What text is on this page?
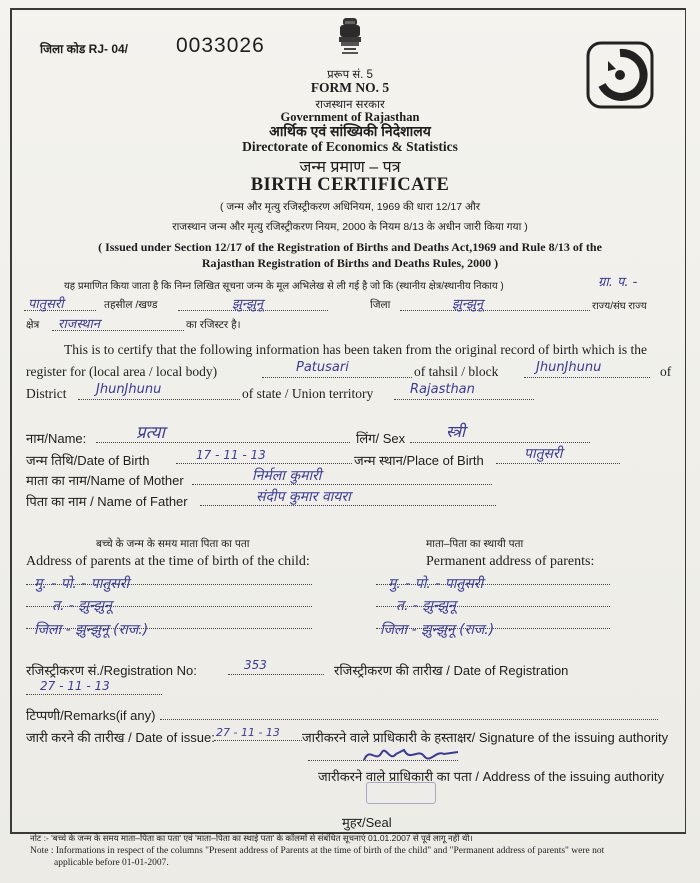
जिला कोड RJ- 04/ 0033026
प्ररूप सं. 5
FORM NO. 5
राजस्थान सरकार
Government of Rajasthan
आर्थिक एवं सांख्यिकी निदेशालय
Directorate of Economics & Statistics
जन्म प्रमाण – पत्र
BIRTH CERTIFICATE
( जन्म और मृत्यु रजिस्ट्रीकरण अधिनियम, 1969 की धारा 12/17 और
राजस्थान जन्म और मृत्यु रजिस्ट्रीकरण नियम, 2000 के नियम 8/13 के अधीन जारी किया गया )
( Issued under Section 12/17 of the Registration of Births and Deaths Act,1969 and Rule 8/13 of the
Rajasthan Registration of Births and Deaths Rules, 2000 )
यह प्रमाणित किया जाता है कि निम्न लिखित सूचना जन्म के मूल अभिलेख से ली गई है जो कि (स्थानीय क्षेत्र/स्थानीय निकाय )	ग्रा. प. -
पातुसरी	तहसील /खण्ड	झुन्झुनू	जिला	झुन्झुनू	राज्य/संघ राज्य
क्षेत्र राजस्थान	का रजिस्टर है।
This is to certify that the following information has been taken from the original record of birth which is the
register for (local area / local body)	Patusari	of tahsil / block	JhunJhunu	of
District JhunJhunu	of state / Union territory	Rajasthan
नाम/Name:	प्रत्या	लिंग/ Sex	स्त्री
जन्म तिथि/Date of Birth	17 - 11 - 13	जन्म स्थान/Place of Birth	पातुसरी
माता का नाम/Name of Mother	निर्मला कुमारी
पिता का नाम / Name of Father	संदीप कुमार वायरा
बच्चे के जन्म के समय माता पिता का पता
Address of parents at the time of birth of the child:
माता–पिता का स्थायी पता
Permanent address of parents:
मु. - पो. - पातुसरी
त. - झुन्झुनू
जिला - झुन्झुनू (राज.)
मु. - पो. - पातुसरी
त. - झुन्झुनू
जिला - झुन्झुनू (राज.)
रजिस्ट्रीकरण सं./Registration No:	353	रजिस्ट्रीकरण की तारीख / Date of Registration
27 - 11 - 13
टिप्पणी/Remarks(if any)
जारी करने की तारीख / Date of issue: 27 - 11 - 13 जारीकरने वाले प्राधिकारी के हस्ताक्षर/ Signature of the issuing authority
जारीकरने वाले प्राधिकारी का पता / Address of the issuing authority
मुहर/Seal
नोट :- 'बच्चे के जन्म के समय माता–पिता का पता' एवं 'माता–पिता का स्थाई पता' के कॉलमों से संबंधित सूचनाएं 01.01.2007 से पूर्व लागू नहीं थी।
Note : Informations in respect of the columns "Present address of Parents at the time of birth of the child" and "Permanent address of parents" were not
applicable before 01-01-2007.
